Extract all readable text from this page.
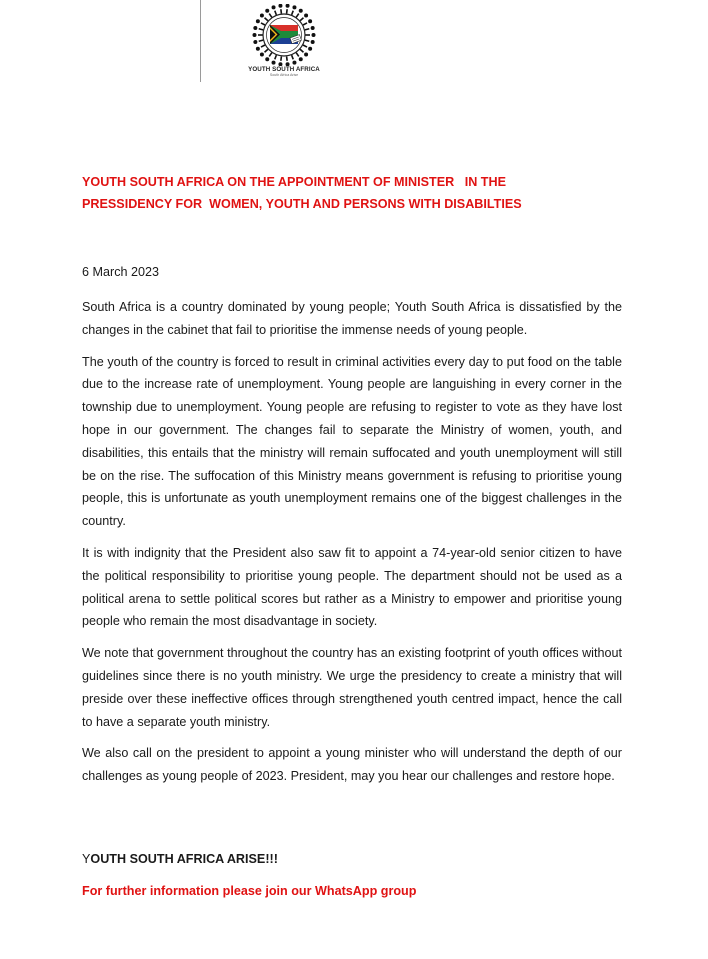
YOUTH SOUTH AFRICA
South Africa Arise
YOUTH SOUTH AFRICA ON THE APPOINTMENT OF MINISTER   IN THE
PRESSIDENCY FOR  WOMEN, YOUTH AND PERSONS WITH DISABILTIES
6 March 2023

South Africa is a country dominated by young people; Youth South Africa is dissatisfied by the changes in the cabinet that fail to prioritise the immense needs of young people.

The youth of the country is forced to result in criminal activities every day to put food on the table due to the increase rate of unemployment. Young people are languishing in every corner in the township due to unemployment. Young people are refusing to register to vote as they have lost hope in our government. The changes fail to separate the Ministry of women, youth, and disabilities, this entails that the ministry will remain suffocated and youth unemployment will still be on the rise. The suffocation of this Ministry means government is refusing to prioritise young people, this is unfortunate as youth unemployment remains one of the biggest challenges in the country.

It is with indignity that the President also saw fit to appoint a 74-year-old senior citizen to have the political responsibility to prioritise young people. The department should not be used as a political arena to settle political scores but rather as a Ministry to empower and prioritise young people who remain the most disadvantage in society.

We note that government throughout the country has an existing footprint of youth offices without guidelines since there is no youth ministry. We urge the presidency to create a ministry that will preside over these ineffective offices through strengthened youth centred impact, hence the call to have a separate youth ministry.

We also call on the president to appoint a young minister who will understand the depth of our challenges as young people of 2023. President, may you hear our challenges and restore hope.

YOUTH SOUTH AFRICA ARISE!!!
For further information please join our WhatsApp group
